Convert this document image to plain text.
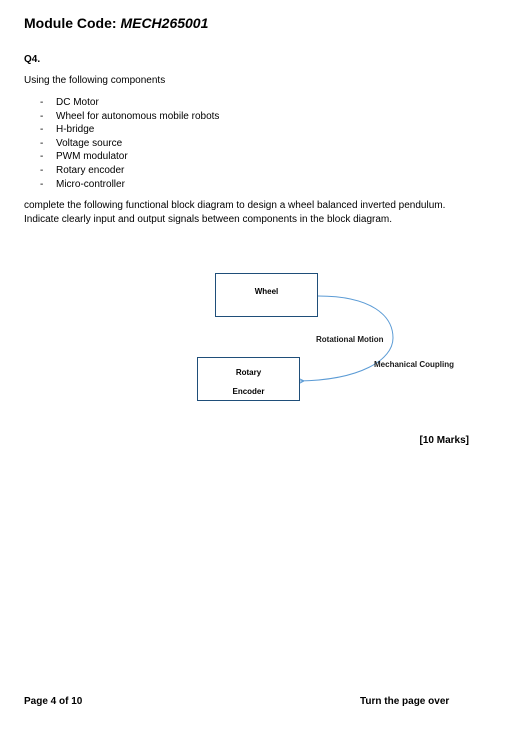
Module Code: MECH265001
Q4.
Using the following components
- DC Motor
- Wheel for autonomous mobile robots
- H-bridge
- Voltage source
- PWM modulator
- Rotary encoder
- Micro-controller
complete the following functional block diagram to design a wheel balanced inverted pendulum. Indicate clearly input and output signals between components in the block diagram.
Wheel
Rotary
Encoder
Rotational Motion
Mechanical Coupling
[10 Marks]
Page 4 of 10	Turn the page over
